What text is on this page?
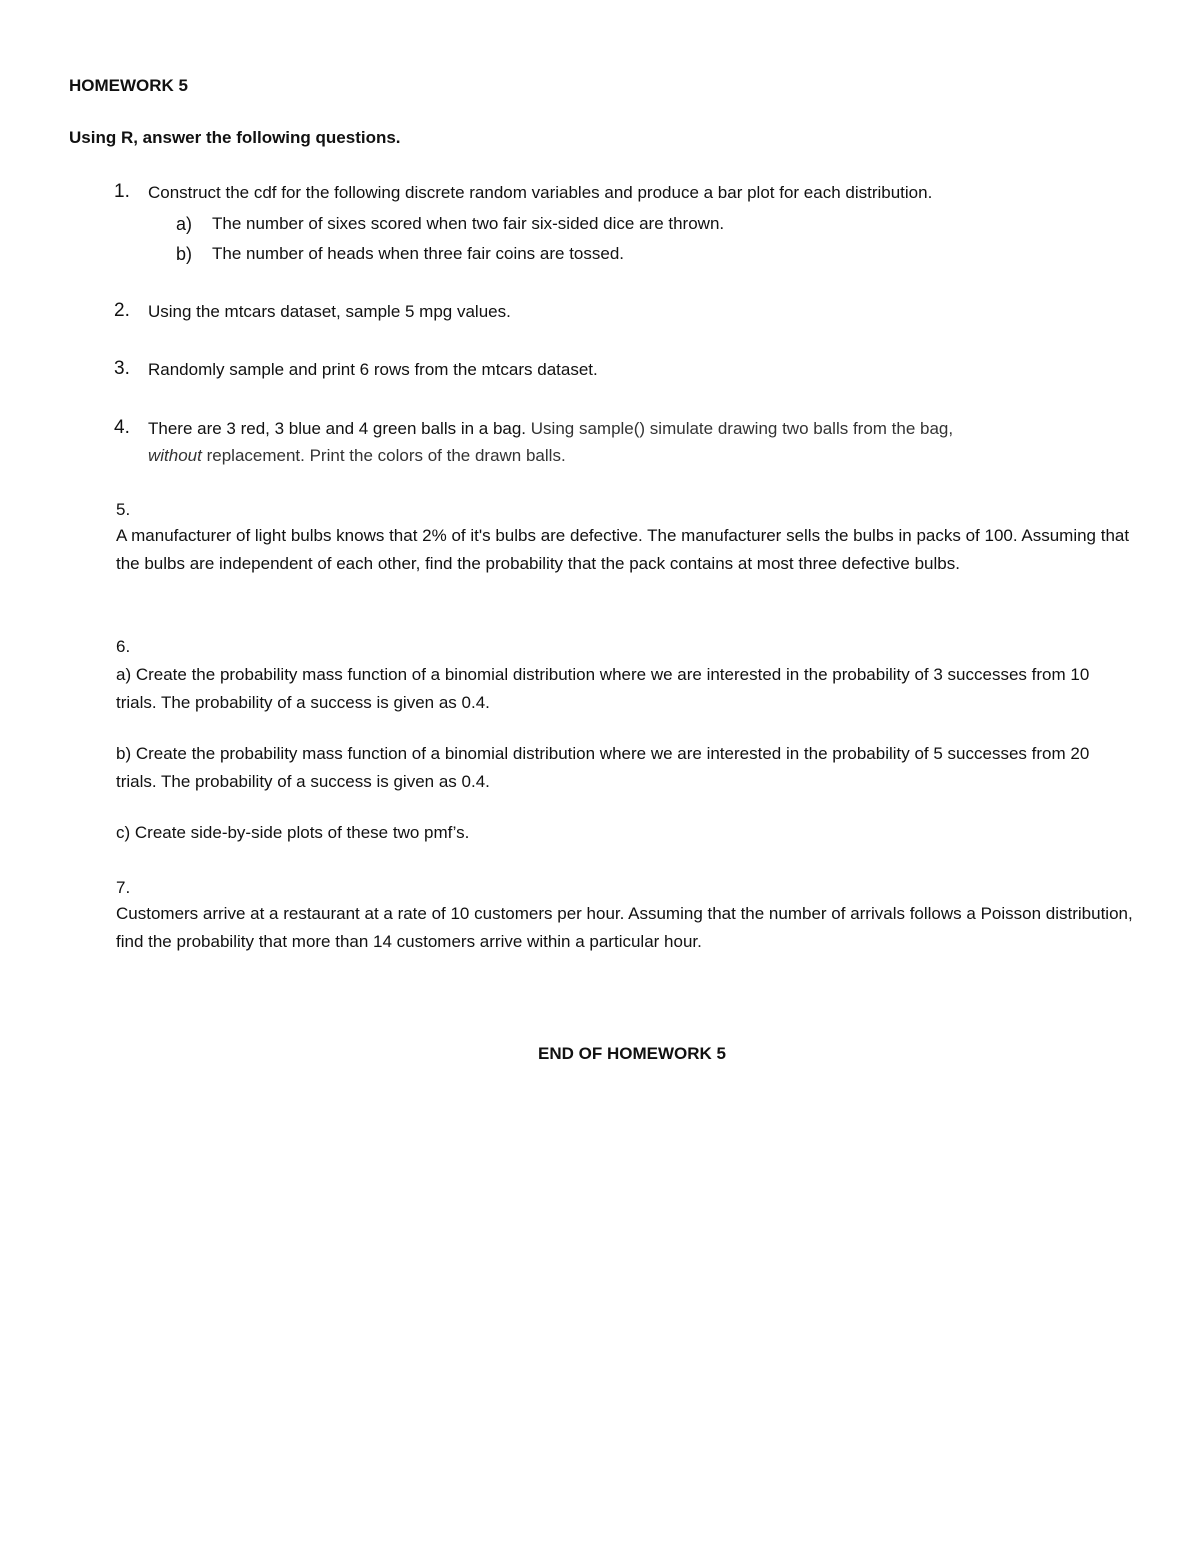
HOMEWORK 5
Using R, answer the following questions.
1. Construct the cdf for the following discrete random variables and produce a bar plot for each distribution.
a) The number of sixes scored when two fair six-sided dice are thrown.
b) The number of heads when three fair coins are tossed.
2. Using the mtcars dataset, sample 5 mpg values.
3. Randomly sample and print 6 rows from the mtcars dataset.
4. There are 3 red, 3 blue and 4 green balls in a bag. Using sample() simulate drawing two balls from the bag,
without replacement. Print the colors of the drawn balls.
5.
A manufacturer of light bulbs knows that 2% of it's bulbs are defective. The manufacturer sells the bulbs in packs of 100. Assuming that the bulbs are independent of each other, find the probability that the pack contains at most three defective bulbs.
6.
a) Create the probability mass function of a binomial distribution where we are interested in the probability of 3 successes from 10 trials. The probability of a success is given as 0.4.
b) Create the probability mass function of a binomial distribution where we are interested in the probability of 5 successes from 20 trials. The probability of a success is given as 0.4.
c) Create side-by-side plots of these two pmf’s.
7.
Customers arrive at a restaurant at a rate of 10 customers per hour. Assuming that the number of arrivals follows a Poisson distribution, find the probability that more than 14 customers arrive within a particular hour.
END OF HOMEWORK 5
